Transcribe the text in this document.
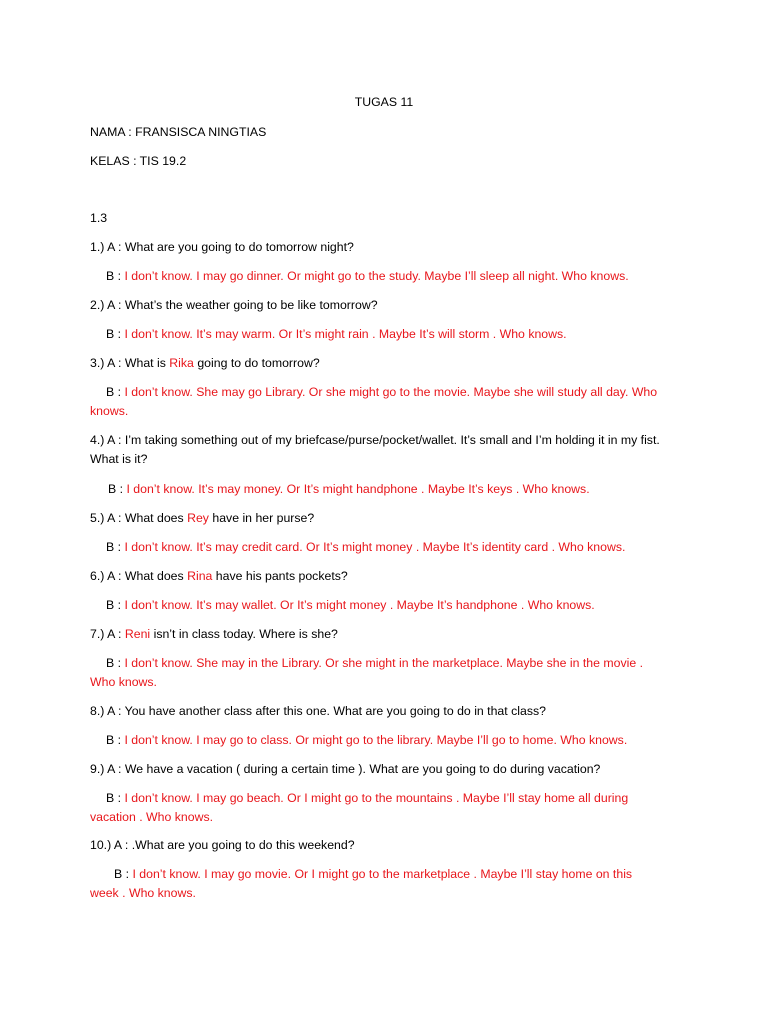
TUGAS 11
NAMA : FRANSISCA NINGTIAS
KELAS : TIS 19.2
1.3
1.) A : What are you going to do tomorrow night?
B : I don’t know. I may go dinner. Or might go to the study. Maybe I’ll sleep all night. Who knows.
2.) A : What’s the weather going to be like tomorrow?
B : I don’t know. It’s may warm. Or It’s might rain . Maybe It’s will storm . Who knows.
3.) A : What is Rika going to do tomorrow?
B : I don’t know. She may go Library. Or she might go to the movie. Maybe she will study all day. Who knows.
4.) A : I’m taking something out of my briefcase/purse/pocket/wallet. It’s small and I’m holding it in my fist. What is it?
B : I don’t know. It’s may money. Or It’s might handphone . Maybe It’s keys . Who knows.
5.) A : What does Rey have in her purse?
B : I don’t know. It’s may credit card. Or It’s might money . Maybe It’s identity card . Who knows.
6.) A : What does Rina have his pants pockets?
B : I don’t know. It’s may wallet. Or It’s might money . Maybe It’s handphone . Who knows.
7.) A : Reni isn’t in class today. Where is she?
B : I don’t know. She may in the Library. Or she might in the marketplace. Maybe she in the movie . Who knows.
8.) A : You have another class after this one. What are you going to do in that class?
B : I don’t know. I may go to class. Or might go to the library. Maybe I’ll go to home. Who knows.
9.) A : We have a vacation ( during a certain time ). What are you going to do during vacation?
B : I don’t know. I may go beach. Or I might go to the mountains . Maybe I’ll stay home all during vacation . Who knows.
10.) A : .What are you going to do this weekend?
B : I don’t know. I may go movie. Or I might go to the marketplace . Maybe I’ll stay home on this week . Who knows.
